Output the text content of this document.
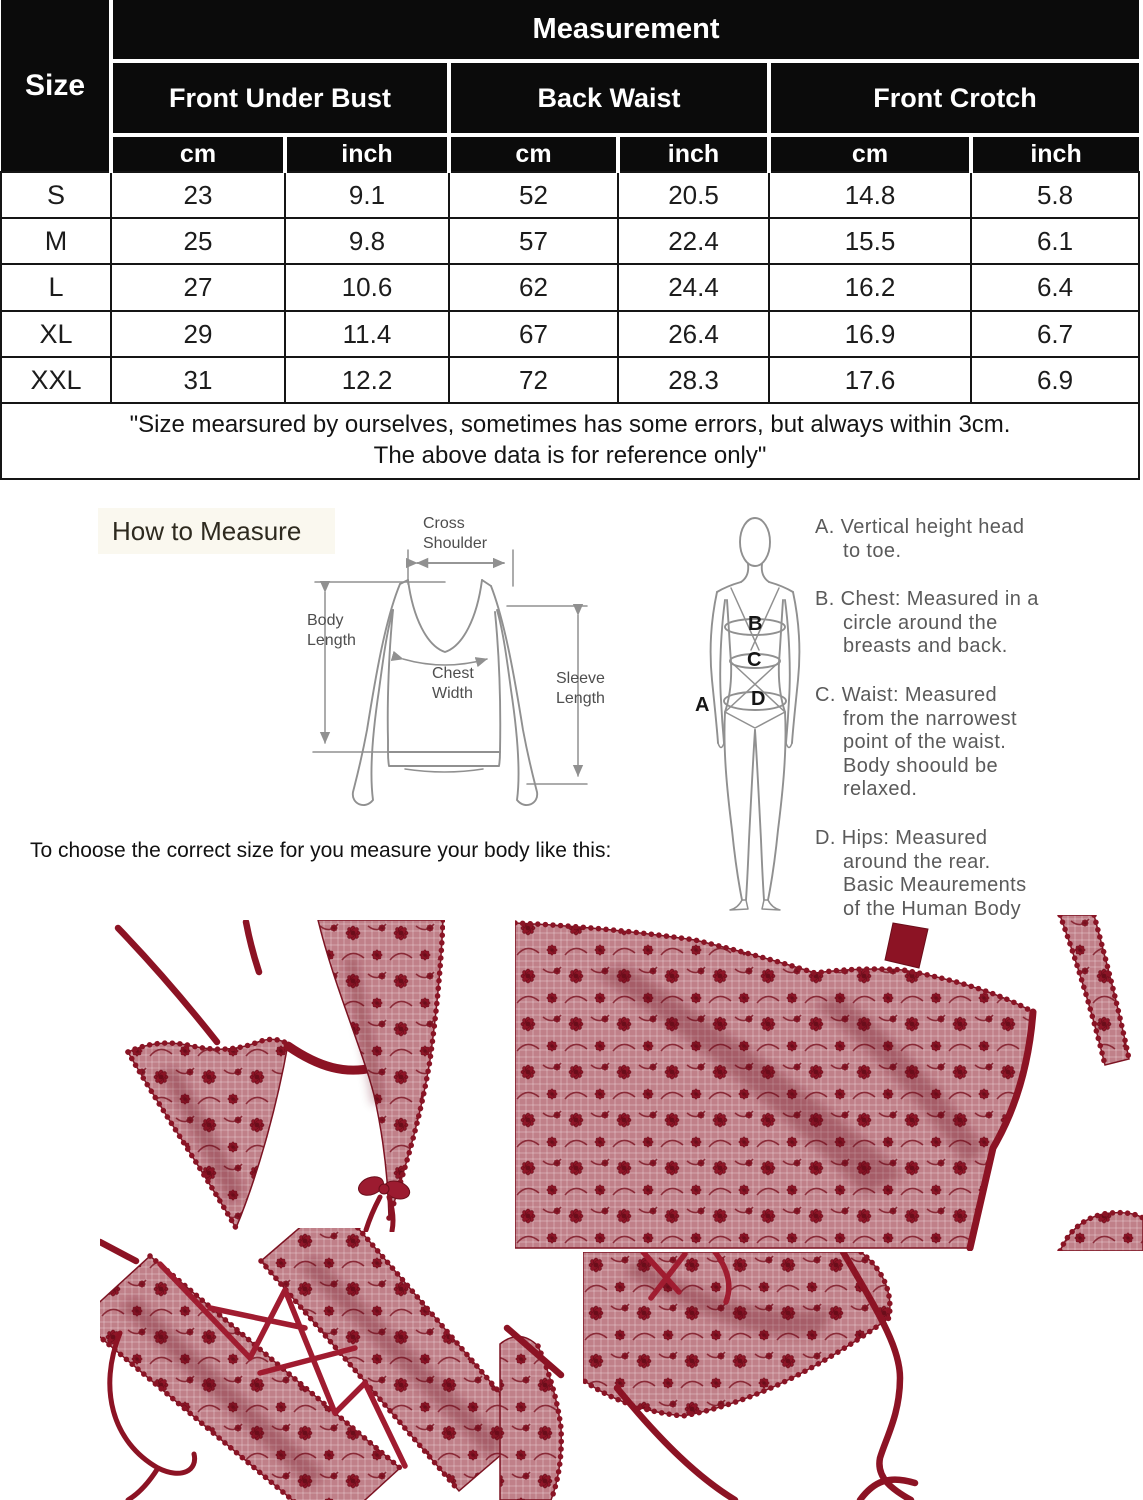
Size	Measurement					
	Front Under Bust		Back Waist		Front Crotch	
	cm	inch	cm	inch	cm	inch
S	23	9.1	52	20.5	14.8	5.8
M	25	9.8	57	22.4	15.5	6.1
L	27	10.6	62	24.4	16.2	6.4
XL	29	11.4	67	26.4	16.9	6.7
XXL	31	12.2	72	28.3	17.6	6.9

"Size mearsured by ourselves, sometimes has some errors, but always within 3cm.
The above data is for reference only"						
How to Measure	Cross Shoulder
Body Length
Chest Width
Sleeve Length	A
B
C
D
A. Vertical height head
to toe.
B. Chest: Measured in a
circle around the
breasts and back.
C. Waist: Measured
from the narrowest
point of the waist.
Body shoould be
relaxed.
D. Hips: Measured
around the rear.
Basic Meaurements
of the Human Body
To choose the correct size for you measure your body like this:
